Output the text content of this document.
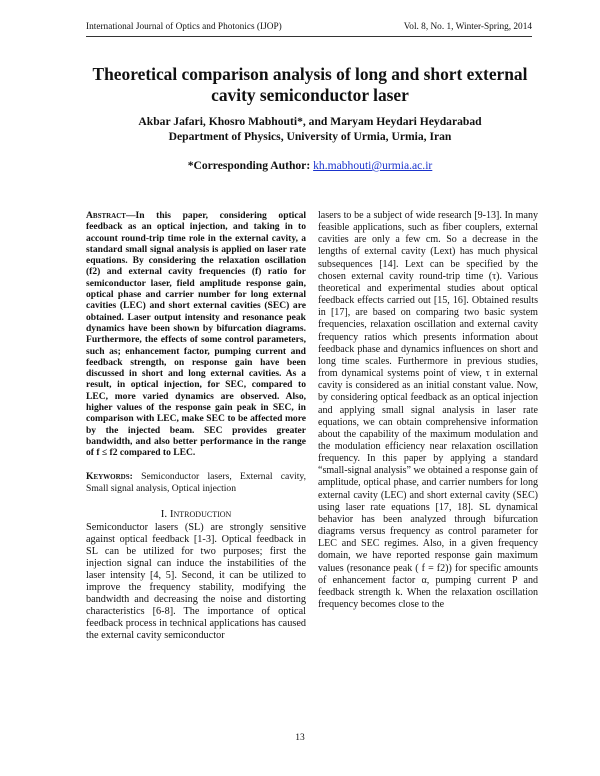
International Journal of Optics and Photonics (IJOP)	Vol. 8, No. 1, Winter-Spring, 2014
Theoretical comparison analysis of long and short external cavity semiconductor laser
Akbar Jafari, Khosro Mabhouti*, and Maryam Heydari Heydarabad
Department of Physics, University of Urmia, Urmia, Iran
*Corresponding Author: kh.mabhouti@urmia.ac.ir

Abstract—In this paper, considering optical feedback as an optical injection, and taking in to account round-trip time role in the external cavity, a standard small signal analysis is applied on laser rate equations. By considering the relaxation oscillation (f2) and external cavity frequencies (f) ratio for semiconductor laser, field amplitude response gain, optical phase and carrier number for long external cavities (LEC) and short external cavities (SEC) are obtained. Laser output intensity and resonance peak dynamics have been shown by bifurcation diagrams. Furthermore, the effects of some control parameters, such as; enhancement factor, pumping current and feedback strength, on response gain have been discussed in short and long external cavities. As a result, in optical injection, for SEC, compared to LEC, more varied dynamics are observed. Also, higher values of the response gain peak in SEC, in comparison with LEC, make SEC to be affected more by the injected beam. SEC provides greater bandwidth, and also better performance in the range of f ≤ f2 compared to LEC.

Keywords: Semiconductor lasers, External cavity, Small signal analysis, Optical injection

I. Introduction

Semiconductor lasers (SL) are strongly sensitive against optical feedback [1-3]. Optical feedback in SL can be utilized for two purposes; first the injection signal can induce the instabilities of the laser intensity [4, 5]. Second, it can be utilized to improve the frequency stability, modifying the bandwidth and decreasing the noise and distorting characteristics [6-8]. The importance of optical feedback process in technical applications has caused the external cavity semiconductor

lasers to be a subject of wide research [9-13]. In many feasible applications, such as fiber couplers, external cavities are only a few cm. So a decrease in the lengths of external cavity (Lext) has much physical subsequences [14]. Lext can be specified by the chosen external cavity round-trip time (τ). Various theoretical and experimental studies about optical feedback effects carried out [15, 16]. Obtained results in [17], are based on comparing two basic system frequencies, relaxation oscillation and external cavity frequency ratios which presents information about feedback phase and dynamics influences on short and long time scales. Furthermore in previous studies, from dynamical systems point of view, τ in external cavity is considered as an initial constant value. Now, by considering optical feedback as an optical injection and applying small signal analysis in laser rate equations, we can obtain comprehensive information about the capability of the maximum modulation and the modulation efficiency near relaxation oscillation frequency. In this paper by applying a standard “small-signal analysis” we obtained a response gain of amplitude, optical phase, and carrier numbers for long external cavity (LEC) and short external cavity (SEC) using laser rate equations [17, 18]. SL dynamical behavior has been analyzed through bifurcation diagrams versus frequency as control parameter for LEC and SEC regimes. Also, in a given frequency domain, we have reported response gain maximum values (resonance peak ( f = f2)) for specific amounts of enhancement factor α, pumping current P and feedback strength k. When the relaxation oscillation frequency becomes close to the

13
